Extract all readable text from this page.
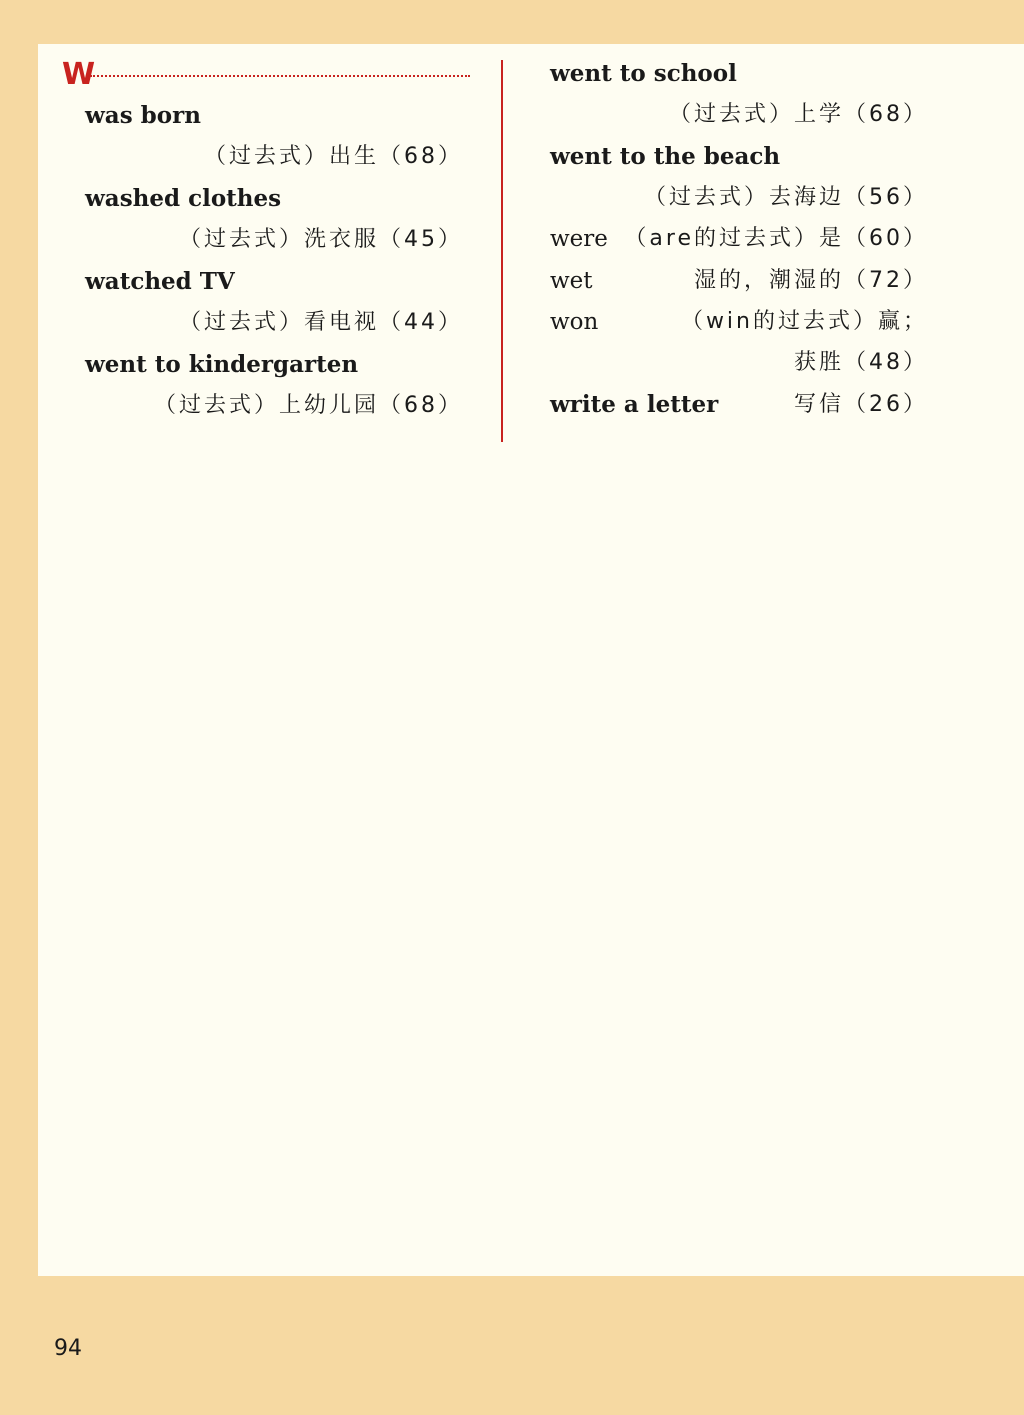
W
was born
（过去式）出生（68）
washed clothes
（过去式）洗衣服（45）
watched TV
（过去式）看电视（44）
went to kindergarten
（过去式）上幼儿园（68）
went to school
（过去式）上学（68）
went to the beach
（过去式）去海边（56）
were （are的过去式）是（60）
wet	湿的，潮湿的（72）
won	（win的过去式）赢；
获胜（48）
write a letter	写信（26）
94
